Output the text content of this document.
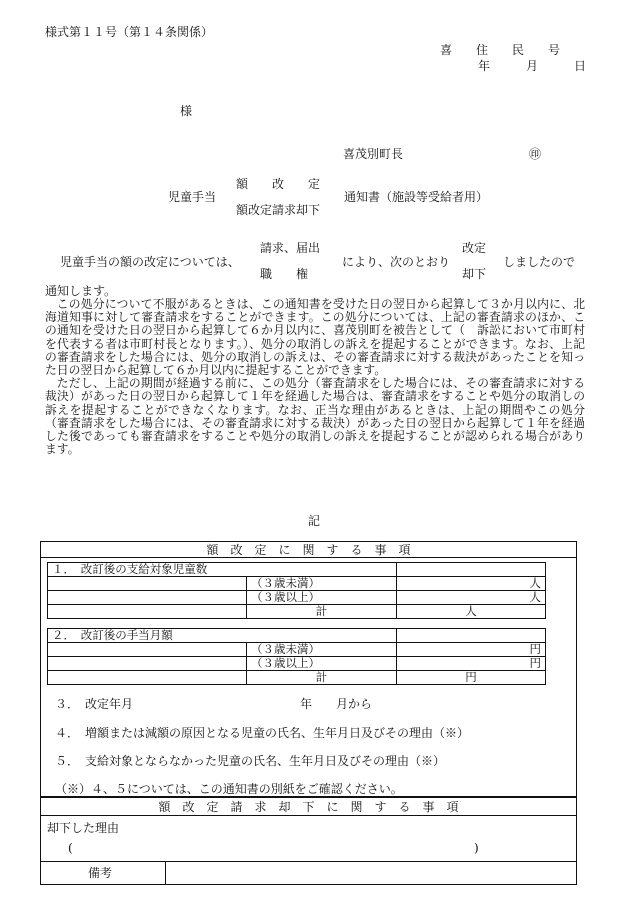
様式第１１号（第１４条関係）
喜　　住　　民　　号
年　　　月　　　日
様
喜茂別町長	㊞
児童手当
額　　改　　定
額改定請求却下
通知書（施設等受給者用）
児童手当の額の改定については、
請求、届出
職　　権
により、次のとおり
改定
却下
しましたので
通知します。

この処分について不服があるときは、この通知書を受けた日の翌日から起算して３か月以内に、北海道知事に対して審査請求をすることができます。この処分については、上記の審査請求のほか、この通知を受けた日の翌日から起算して６か月以内に、喜茂別町を被告として（　訴訟において市町村を代表する者は市町村長となります。）、処分の取消しの訴えを提起することができます。なお、上記の審査請求をした場合には、処分の取消しの訴えは、その審査請求に対する裁決があったことを知った日の翌日から起算して６か月以内に提起することができます。

ただし、上記の期間が経過する前に、この処分（審査請求をした場合には、その審査請求に対する裁決）があった日の翌日から起算して１年を経過した場合は、審査請求をすることや処分の取消しの訴えを提起することができなくなります。なお、正当な理由があるときは、上記の期間やこの処分（審査請求をした場合には、その審査請求に対する裁決）があった日の翌日から起算して１年を経過した後であっても審査請求をすることや処分の取消しの訴えを提起することが認められる場合があります。

記
額　改　定　に　関　す　る　事　項
１．　改訂後の支給対象児童数		
	（３歳未満）	人
	（３歳以上）	人
	計	人
２．　改訂後の手当月額		
	（３歳未満）	円
	（３歳以上）	円
	計	円
３．　改定年月	年　　月から
４．　増額または減額の原因となる児童の氏名、生年月日及びその理由（※）
５．　支給対象とならなかった児童の氏名、生年月日及びその理由（※）
（※）４、５については、この通知書の別紙をご確認ください。
額　改　定　請　求　却　下　に　関　す　る　事　項
却下した理由
(	)
備考
